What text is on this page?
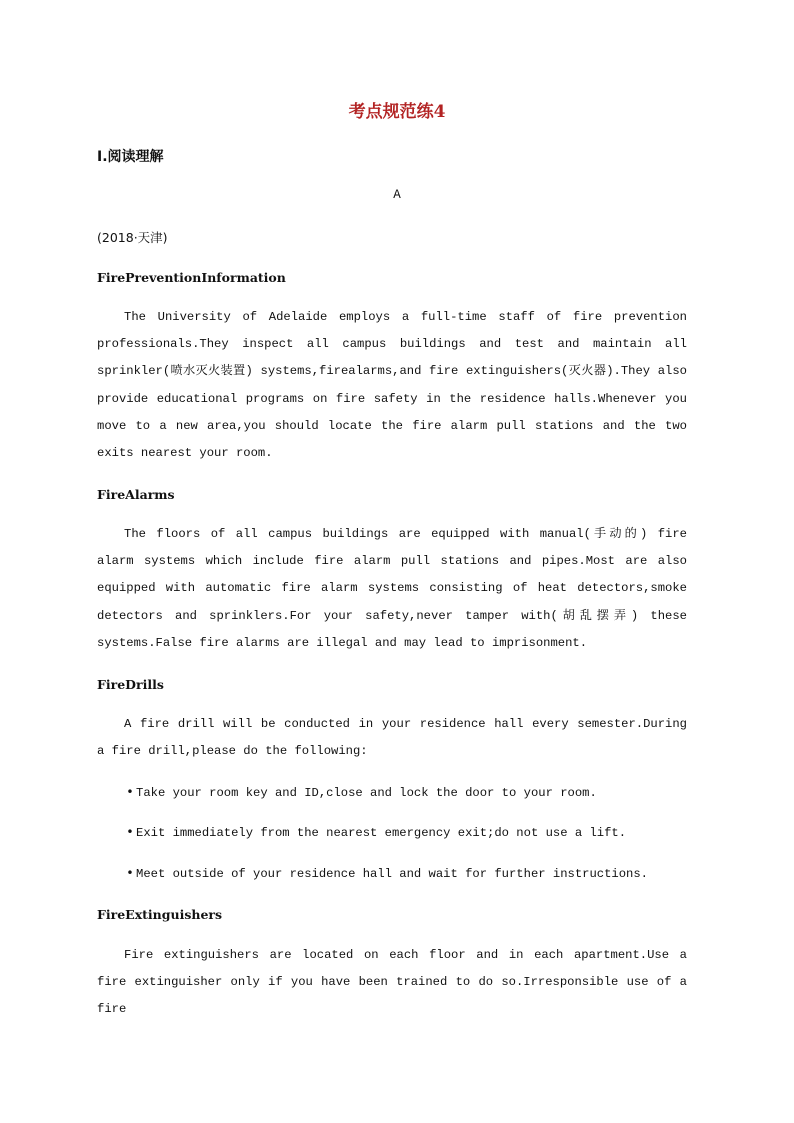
考点规范练4
Ⅰ.阅读理解
A
(2018·天津)
FirePreventionInformation

The University of Adelaide employs a full-time staff of fire prevention professionals.They inspect all campus buildings and test and maintain all sprinkler(喷水灭火装置) systems,firealarms,and fire extinguishers(灭火器).They also provide educational programs on fire safety in the residence halls.Whenever you move to a new area,you should locate the fire alarm pull stations and the two exits nearest your room.

FireAlarms

The floors of all campus buildings are equipped with manual(手动的) fire alarm systems which include fire alarm pull stations and pipes.Most are also equipped with automatic fire alarm systems consisting of heat detectors,smoke detectors and sprinklers.For your safety,never tamper with(胡乱摆弄) these systems.False fire alarms are illegal and may lead to imprisonment.

FireDrills

A fire drill will be conducted in your residence hall every semester.During a fire drill,please do the following:

• Take your room key and ID,close and lock the door to your room.

• Exit immediately from the nearest emergency exit;do not use a lift.

• Meet outside of your residence hall and wait for further instructions.

FireExtinguishers

Fire extinguishers are located on each floor and in each apartment.Use a fire extinguisher only if you have been trained to do so.Irresponsible use of a fire
